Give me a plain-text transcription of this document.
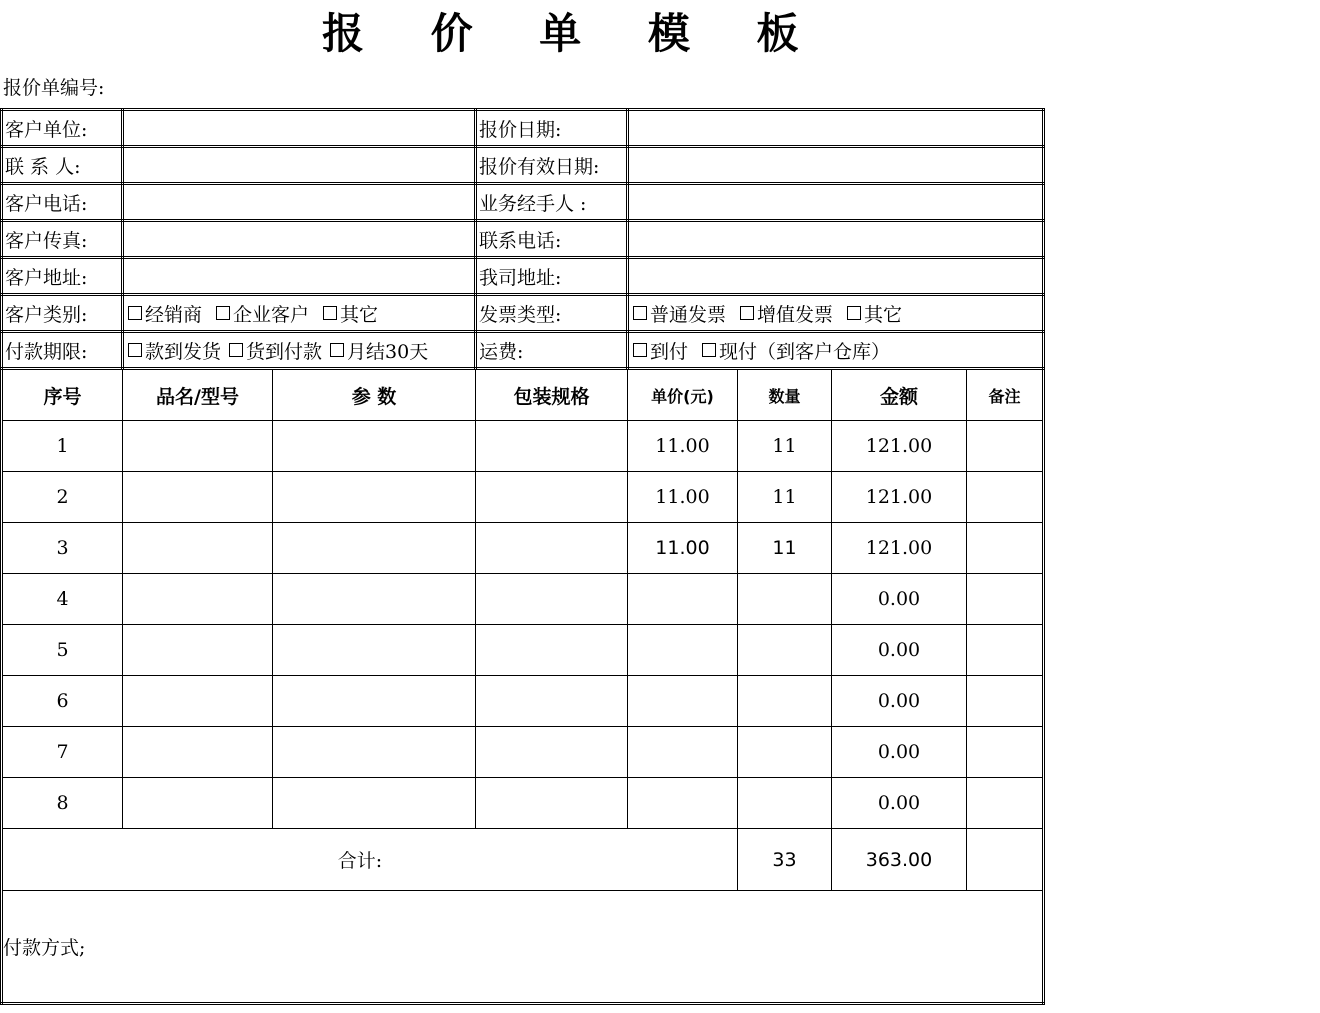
报 价 单 模 板
报价单编号:
客户单位:			报价日期:				
联 系 人:			报价有效日期:				
客户电话:			业务经手人 :				
客户传真:			联系电话:				
客户地址:			我司地址:				
客户类别:	经销商 企业客户 其它		发票类型:	普通发票 增值发票 其它			
付款期限:	款到发货 货到付款 月结30天		运费:	到付 现付（到客户仓库）			
序号	品名/型号	参 数	包装规格	单价(元)	数量	金额	备注
1				11.00	11	121.00	
2				11.00	11	121.00	
3				11.00	11	121.00	
4						0.00	
5						0.00	
6						0.00	
7						0.00	
8						0.00	
合计:					33	363.00	
付款方式;							
